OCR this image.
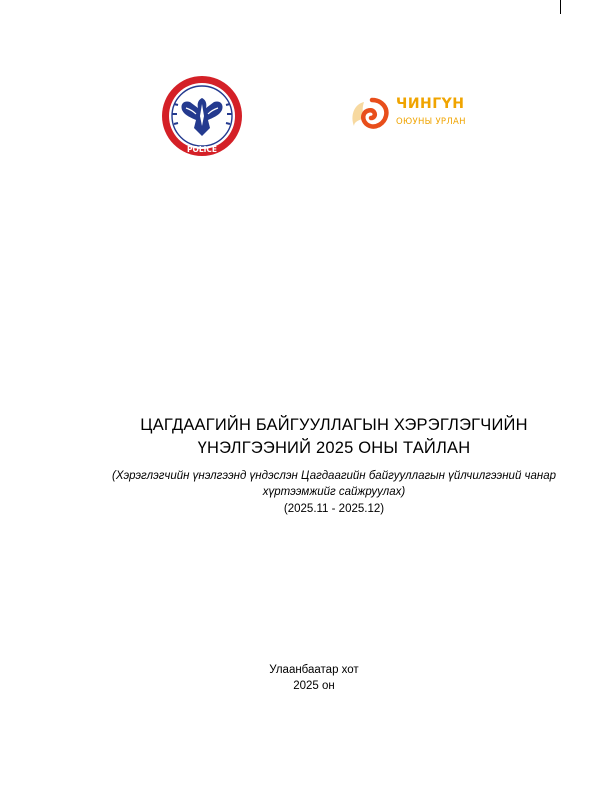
POLICE
ЧИНГҮН
ОЮУНЫ УРЛАН
ЦАГДААГИЙН БАЙГУУЛЛАГЫН ХЭРЭГЛЭГЧИЙН
ҮНЭЛГЭЭНИЙ 2025 ОНЫ ТАЙЛАН
(Хэрэглэгчийн үнэлгээнд үндэслэн Цагдаагийн байгууллагын үйлчилгээний чанар
хүртээмжийг сайжруулах)
(2025.11 - 2025.12)
Улаанбаатар хот
2025 он
